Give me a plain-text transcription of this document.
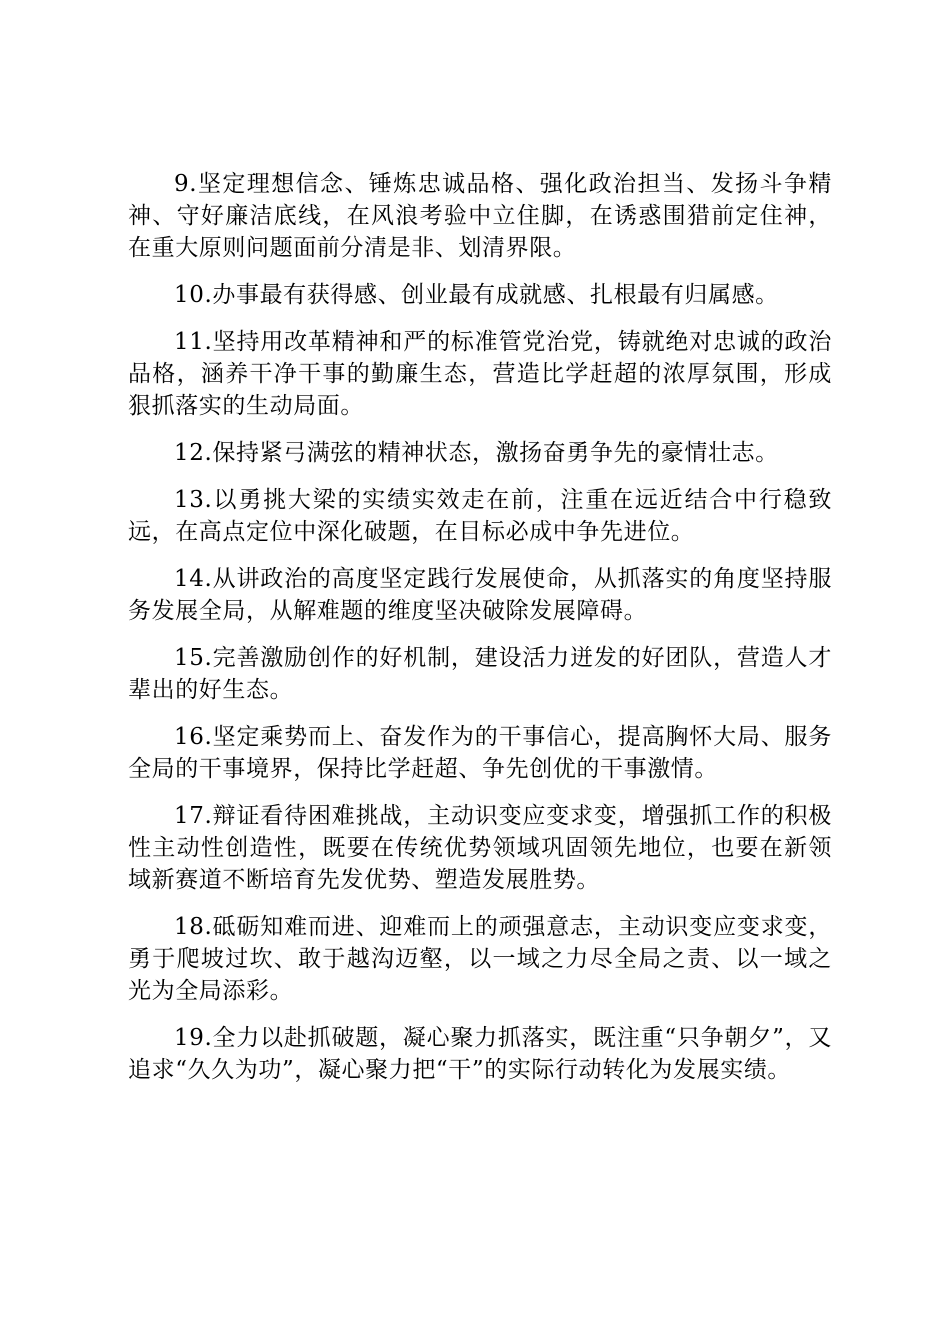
9.坚定理想信念、锤炼忠诚品格、强化政治担当、发扬斗争精神、守好廉洁底线，在风浪考验中立住脚，在诱惑围猎前定住神，在重大原则问题面前分清是非、划清界限。

10.办事最有获得感、创业最有成就感、扎根最有归属感。

11.坚持用改革精神和严的标准管党治党，铸就绝对忠诚的政治品格，涵养干净干事的勤廉生态，营造比学赶超的浓厚氛围，形成狠抓落实的生动局面。

12.保持紧弓满弦的精神状态，激扬奋勇争先的豪情壮志。

13.以勇挑大梁的实绩实效走在前，注重在远近结合中行稳致远，在高点定位中深化破题，在目标必成中争先进位。

14.从讲政治的高度坚定践行发展使命，从抓落实的角度坚持服务发展全局，从解难题的维度坚决破除发展障碍。

15.完善激励创作的好机制，建设活力迸发的好团队，营造人才辈出的好生态。

16.坚定乘势而上、奋发作为的干事信心，提高胸怀大局、服务全局的干事境界，保持比学赶超、争先创优的干事激情。

17.辩证看待困难挑战，主动识变应变求变，增强抓工作的积极性主动性创造性，既要在传统优势领域巩固领先地位，也要在新领域新赛道不断培育先发优势、塑造发展胜势。

18.砥砺知难而进、迎难而上的顽强意志，主动识变应变求变，勇于爬坡过坎、敢于越沟迈壑，以一域之力尽全局之责、以一域之光为全局添彩。

19.全力以赴抓破题，凝心聚力抓落实，既注重“只争朝夕”，又追求“久久为功”，凝心聚力把“干”的实际行动转化为发展实绩。
